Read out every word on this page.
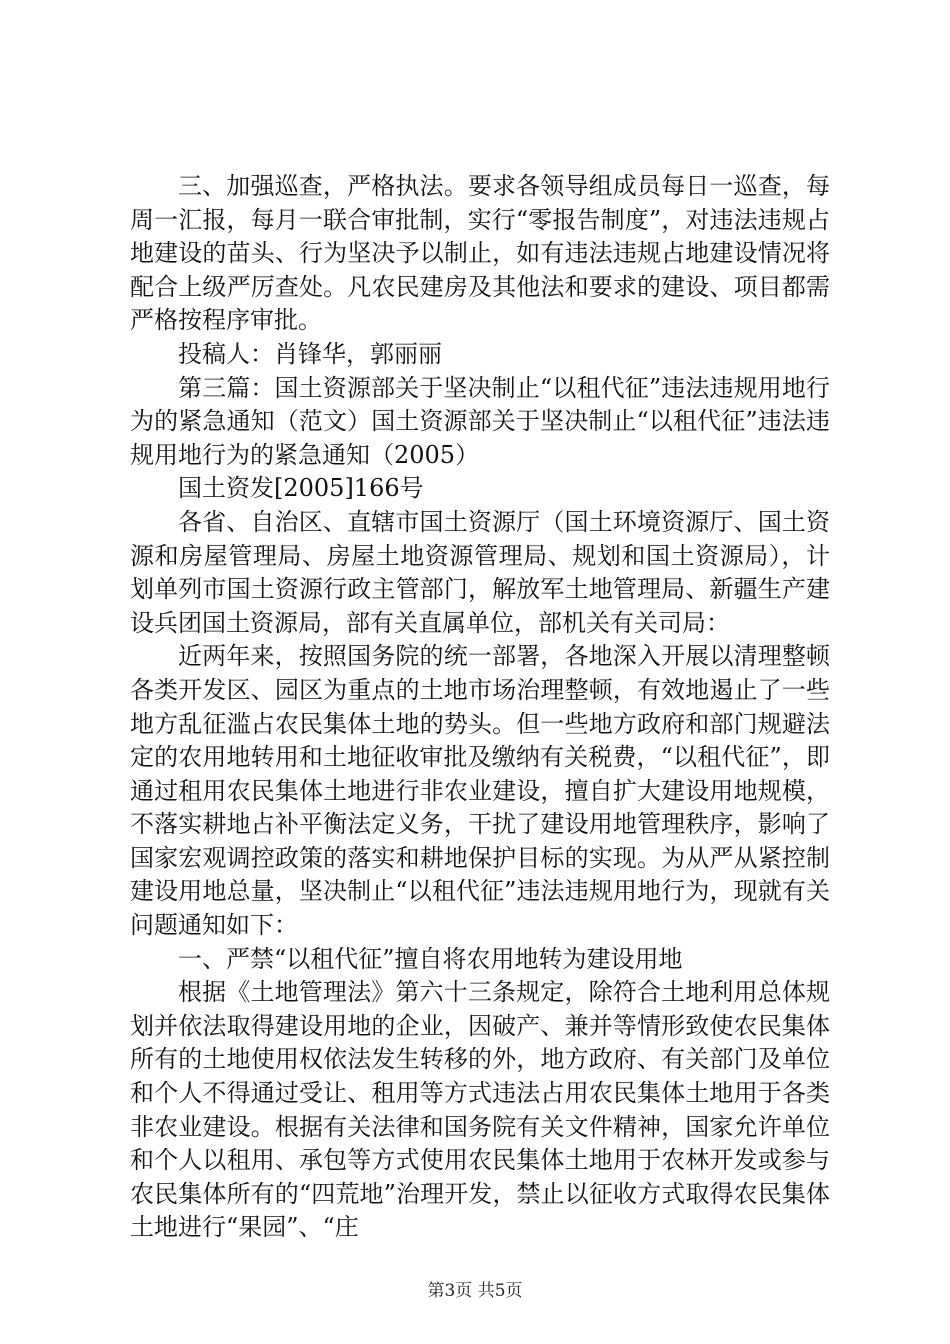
三、加强巡查，严格执法。要求各领导组成员每日一巡查，每周一汇报，每月一联合审批制，实行“零报告制度”，对违法违规占地建设的苗头、行为坚决予以制止，如有违法违规占地建设情况将配合上级严厉查处。凡农民建房及其他法和要求的建设、项目都需严格按程序审批。

投稿人：肖锋华，郭丽丽

第三篇：国土资源部关于坚决制止“以租代征”违法违规用地行为的紧急通知（范文）国土资源部关于坚决制止“以租代征”违法违规用地行为的紧急通知（2005）

国土资发[2005]166号

各省、自治区、直辖市国土资源厅（国土环境资源厅、国土资源和房屋管理局、房屋土地资源管理局、规划和国土资源局），计划单列市国土资源行政主管部门，解放军土地管理局、新疆生产建设兵团国土资源局，部有关直属单位，部机关有关司局：

近两年来，按照国务院的统一部署，各地深入开展以清理整顿各类开发区、园区为重点的土地市场治理整顿，有效地遏止了一些地方乱征滥占农民集体土地的势头。但一些地方政府和部门规避法定的农用地转用和土地征收审批及缴纳有关税费，“以租代征”，即通过租用农民集体土地进行非农业建设，擅自扩大建设用地规模，不落实耕地占补平衡法定义务，干扰了建设用地管理秩序，影响了国家宏观调控政策的落实和耕地保护目标的实现。为从严从紧控制建设用地总量，坚决制止“以租代征”违法违规用地行为，现就有关问题通知如下：

一、严禁“以租代征”擅自将农用地转为建设用地

根据《土地管理法》第六十三条规定，除符合土地利用总体规划并依法取得建设用地的企业，因破产、兼并等情形致使农民集体所有的土地使用权依法发生转移的外，地方政府、有关部门及单位和个人不得通过受让、租用等方式违法占用农民集体土地用于各类非农业建设。根据有关法律和国务院有关文件精神，国家允许单位和个人以租用、承包等方式使用农民集体土地用于农林开发或参与农民集体所有的“四荒地”治理开发，禁止以征收方式取得农民集体土地进行“果园”、“庄

第3页 共5页
